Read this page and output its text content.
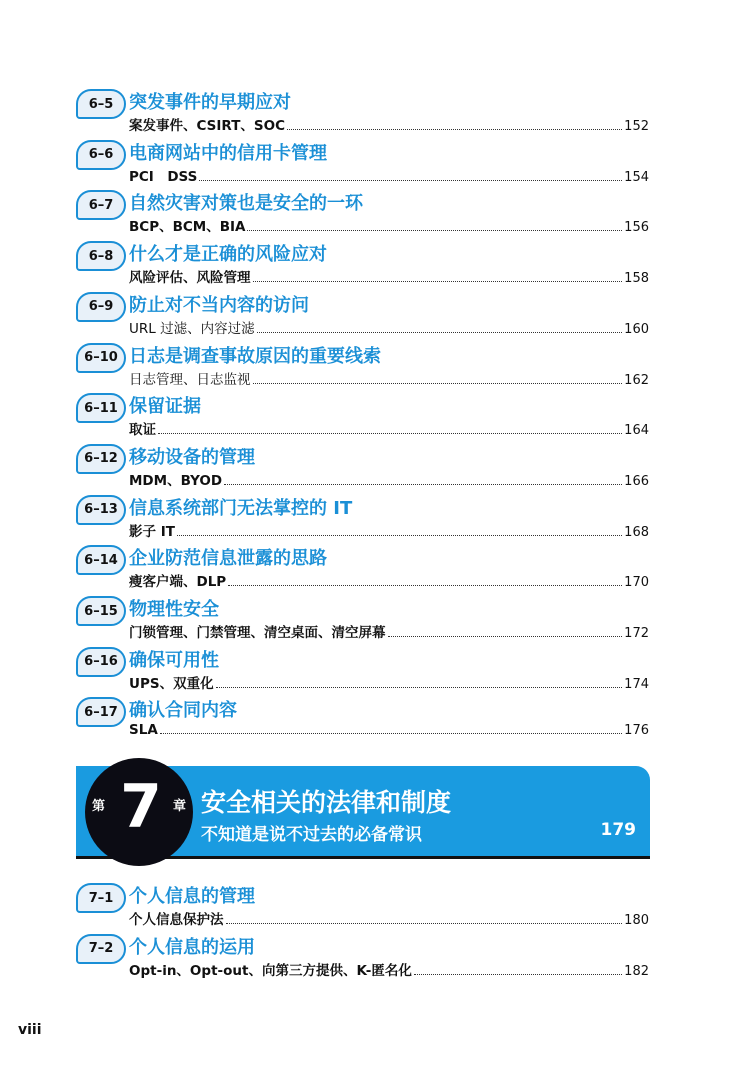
6–5 突发事件的早期应对
案发事件、CSIRT、SOC	152
6–6 电商网站中的信用卡管理
PCI　DSS	154
6–7 自然灾害对策也是安全的一环
BCP、BCM、BIA	156
6–8 什么才是正确的风险应对
风险评估、风险管理	158
6–9 防止对不当内容的访问
URL 过滤、内容过滤	160
6–10 日志是调查事故原因的重要线索
日志管理、日志监视	162
6–11 保留证据
取证	164
6–12 移动设备的管理
MDM、BYOD	166
6–13 信息系统部门无法掌控的 IT
影子 IT	168
6–14 企业防范信息泄露的思路
瘦客户端、DLP	170
6–15 物理性安全
门锁管理、门禁管理、清空桌面、清空屏幕	172
6–16 确保可用性
UPS、双重化	174
6–17 确认合同内容
SLA	176
第 7 章 安全相关的法律和制度
不知道是说不过去的必备常识	179
7–1 个人信息的管理
个人信息保护法	180
7–2 个人信息的运用
Opt-in、Opt-out、向第三方提供、K-匿名化	182
viii
